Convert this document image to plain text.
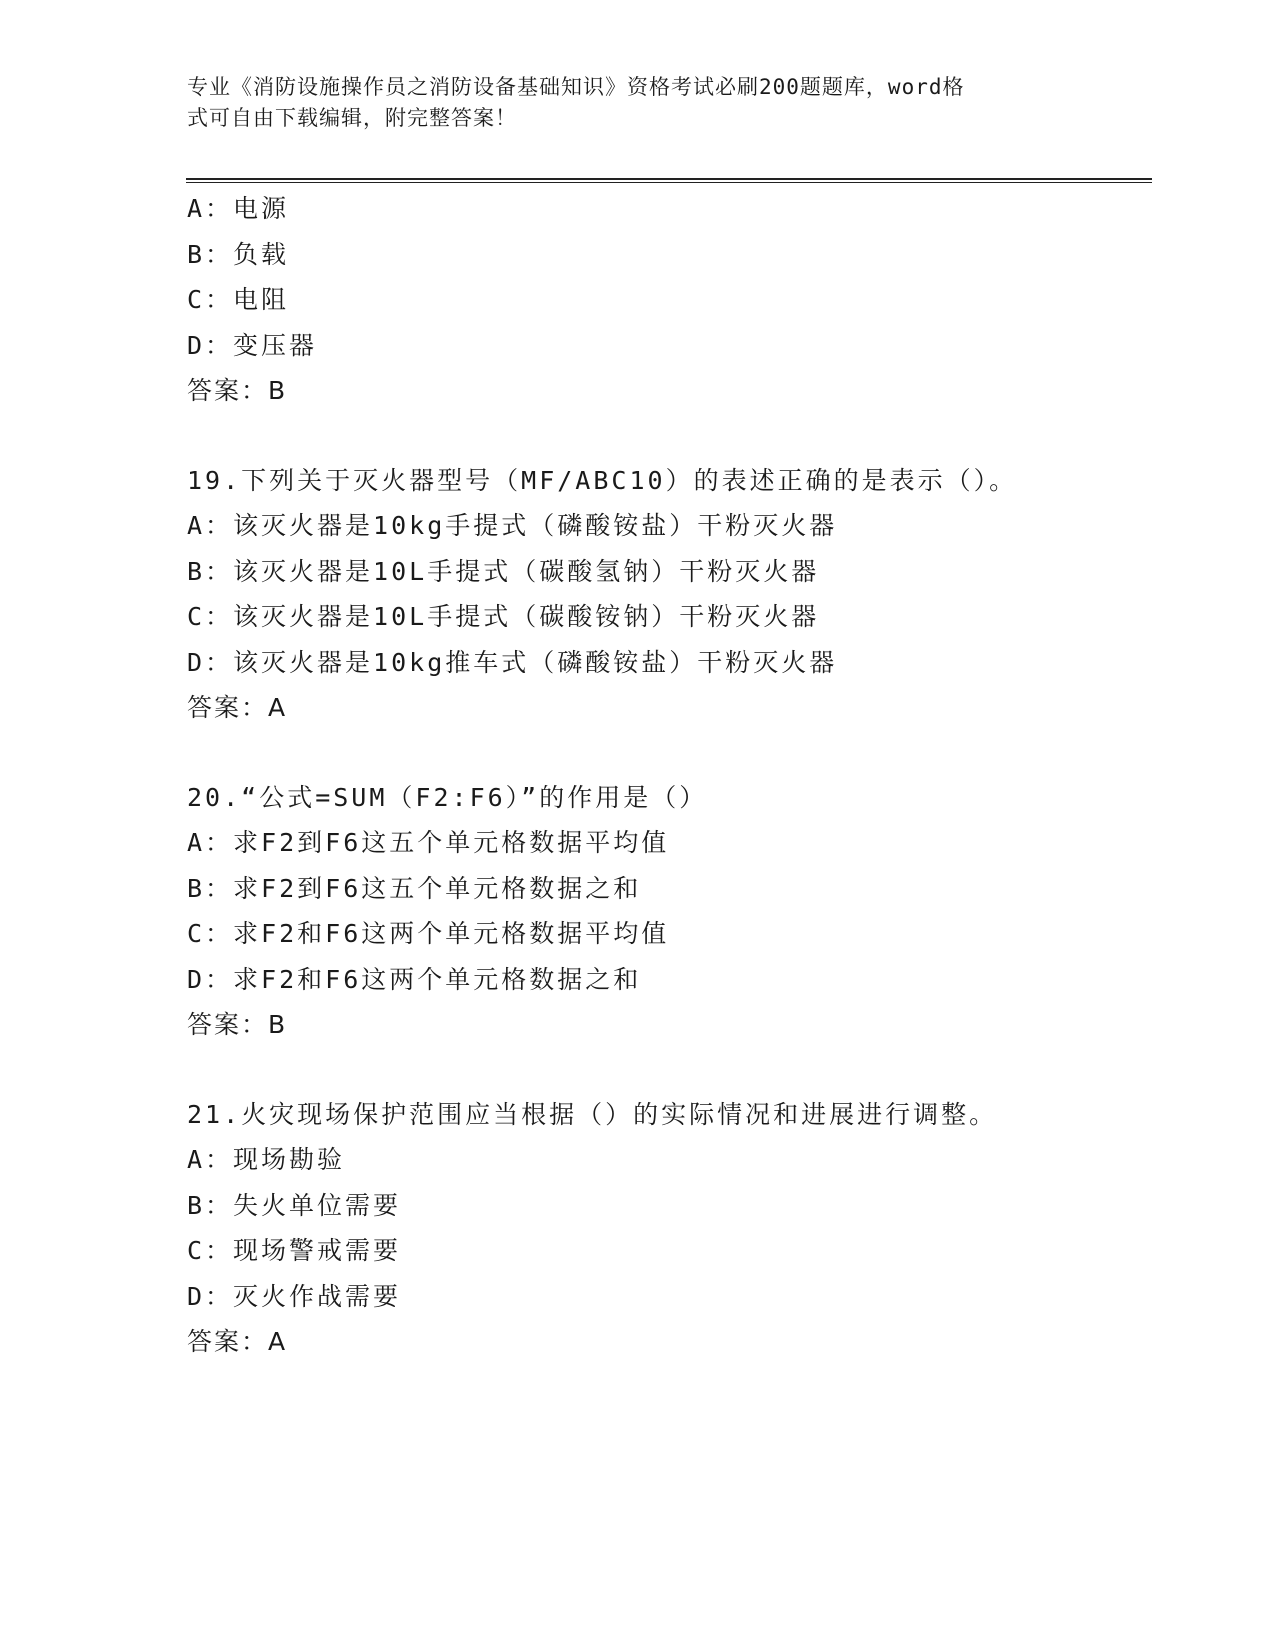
专业《消防设施操作员之消防设备基础知识》资格考试必刷200题题库，word格
式可自由下载编辑，附完整答案！
A：电源
B：负载
C：电阻
D：变压器
答案：B
19.下列关于灭火器型号（MF/ABC10）的表述正确的是表示（）。
A：该灭火器是10kg手提式（磷酸铵盐）干粉灭火器
B：该灭火器是10L手提式（碳酸氢钠）干粉灭火器
C：该灭火器是10L手提式（碳酸铵钠）干粉灭火器
D：该灭火器是10kg推车式（磷酸铵盐）干粉灭火器
答案：A
20.“公式=SUM（F2:F6）”的作用是（）
A：求F2到F6这五个单元格数据平均值
B：求F2到F6这五个单元格数据之和
C：求F2和F6这两个单元格数据平均值
D：求F2和F6这两个单元格数据之和
答案：B
21.火灾现场保护范围应当根据（）的实际情况和进展进行调整。
A：现场勘验
B：失火单位需要
C：现场警戒需要
D：灭火作战需要
答案：A
